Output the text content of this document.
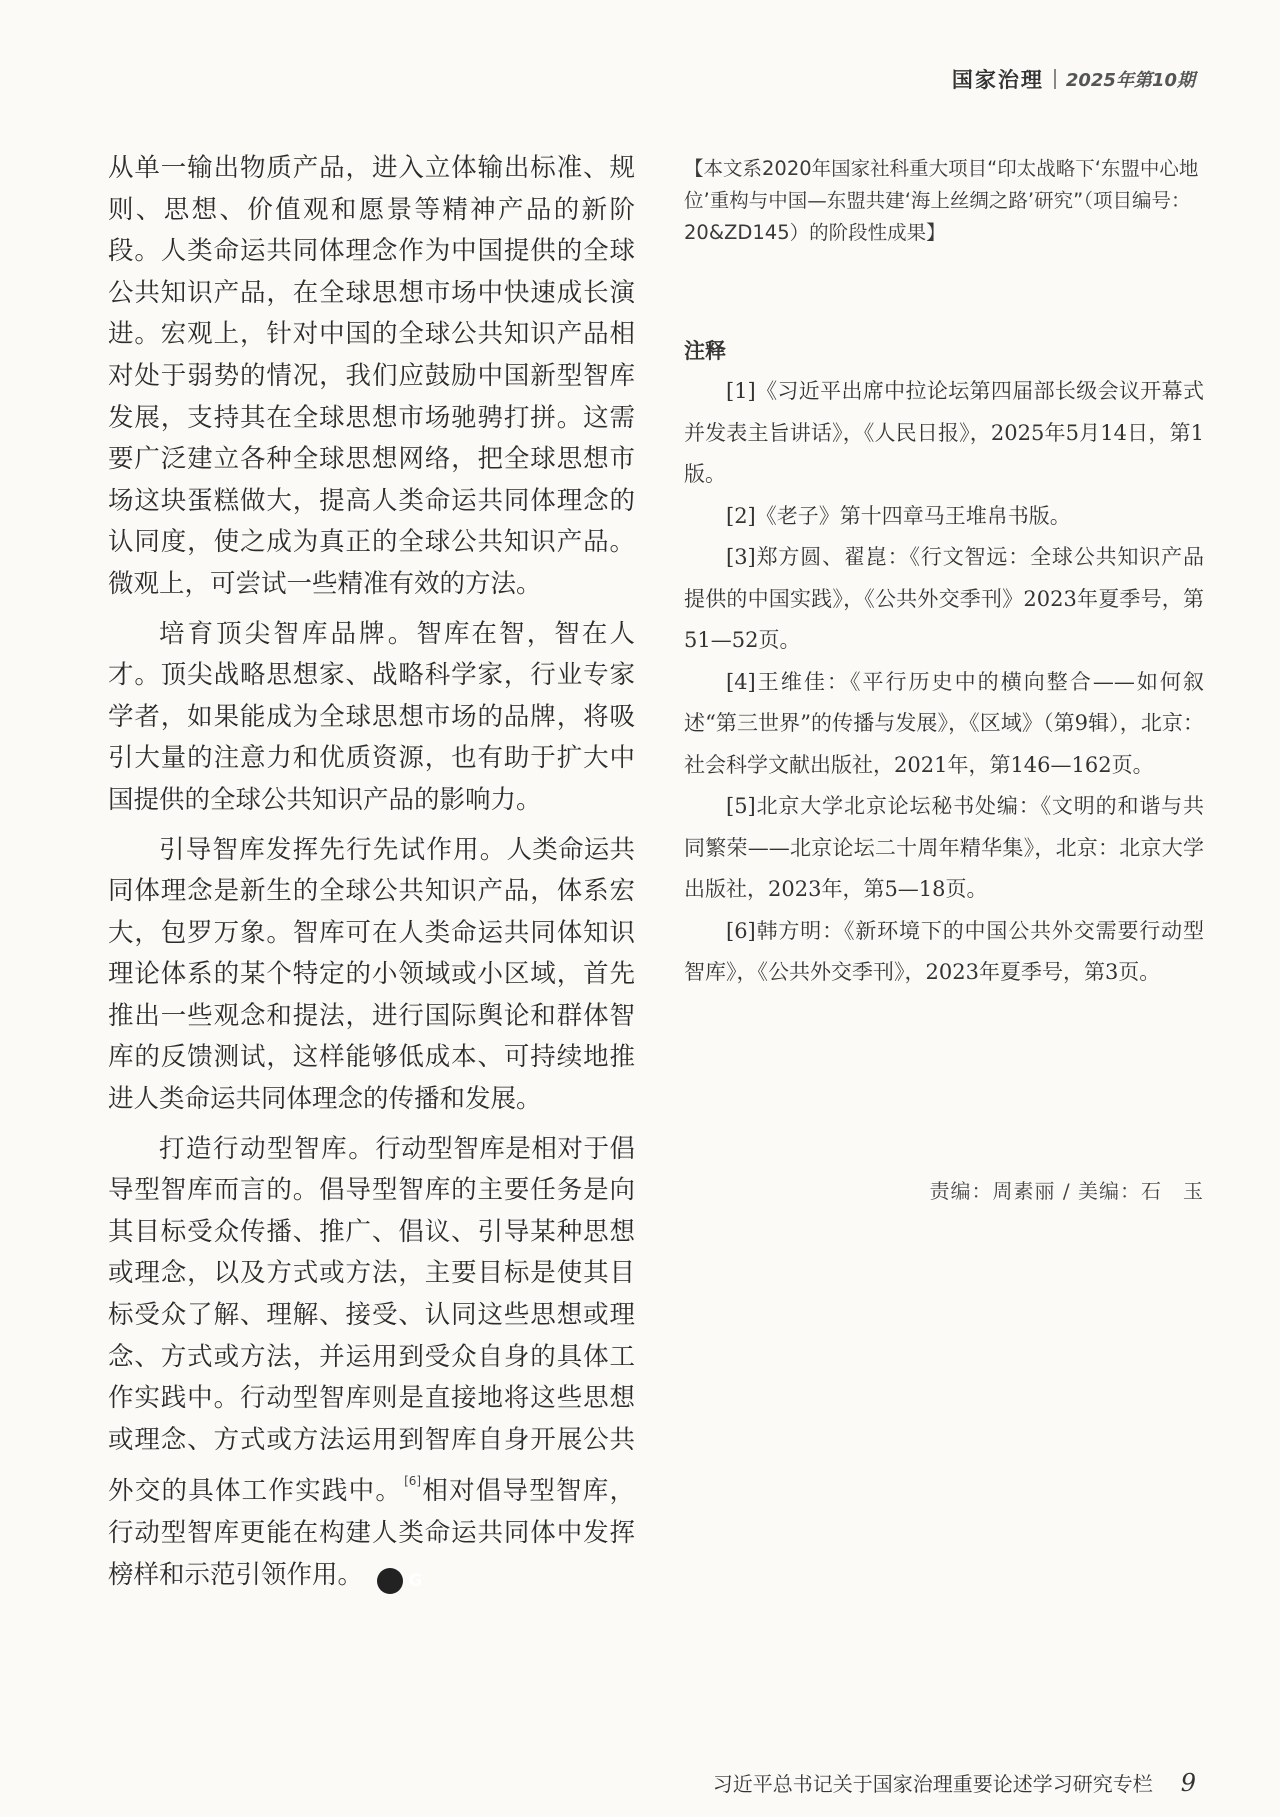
国家治理 2025年第10期

从单一输出物质产品，进入立体输出标准、规则、思想、价值观和愿景等精神产品的新阶段。人类命运共同体理念作为中国提供的全球公共知识产品，在全球思想市场中快速成长演进。宏观上，针对中国的全球公共知识产品相对处于弱势的情况，我们应鼓励中国新型智库发展，支持其在全球思想市场驰骋打拼。这需要广泛建立各种全球思想网络，把全球思想市场这块蛋糕做大，提高人类命运共同体理念的认同度，使之成为真正的全球公共知识产品。微观上，可尝试一些精准有效的方法。

培育顶尖智库品牌。智库在智，智在人才。顶尖战略思想家、战略科学家，行业专家学者，如果能成为全球思想市场的品牌，将吸引大量的注意力和优质资源，也有助于扩大中国提供的全球公共知识产品的影响力。

引导智库发挥先行先试作用。人类命运共同体理念是新生的全球公共知识产品，体系宏大，包罗万象。智库可在人类命运共同体知识理论体系的某个特定的小领域或小区域，首先推出一些观念和提法，进行国际舆论和群体智库的反馈测试，这样能够低成本、可持续地推进人类命运共同体理念的传播和发展。

打造行动型智库。行动型智库是相对于倡导型智库而言的。倡导型智库的主要任务是向其目标受众传播、推广、倡议、引导某种思想或理念，以及方式或方法，主要目标是使其目标受众了解、理解、接受、认同这些思想或理念、方式或方法，并运用到受众自身的具体工作实践中。行动型智库则是直接地将这些思想或理念、方式或方法运用到智库自身开展公共外交的具体工作实践中。 [6]相对倡导型智库，行动型智库更能在构建人类命运共同体中发挥榜样和示范引领作用。	G

【本文系2020年国家社科重大项目“印太战略下‘东盟中心地位’重构与中国—东盟共建‘海上丝绸之路’研究”（项目编号：20&ZD145）的阶段性成果】

注释

[1]《习近平出席中拉论坛第四届部长级会议开幕式并发表主旨讲话》，《人民日报》，2025年5月14日，第1版。

[2]《老子》第十四章马王堆帛书版。

[3]郑方圆、翟崑：《行文智远：全球公共知识产品提供的中国实践》，《公共外交季刊》2023年夏季号，第51—52页。

[4]王维佳：《平行历史中的横向整合——如何叙述“第三世界”的传播与发展》，《区域》（第9辑），北京：社会科学文献出版社，2021年，第146—162页。

[5]北京大学北京论坛秘书处编：《文明的和谐与共同繁荣——北京论坛二十周年精华集》，北京：北京大学出版社，2023年，第5—18页。

[6]韩方明：《新环境下的中国公共外交需要行动型智库》，《公共外交季刊》，2023年夏季号，第3页。

责编：周素丽 / 美编：石　玉
习近平总书记关于国家治理重要论述学习研究专栏 9
